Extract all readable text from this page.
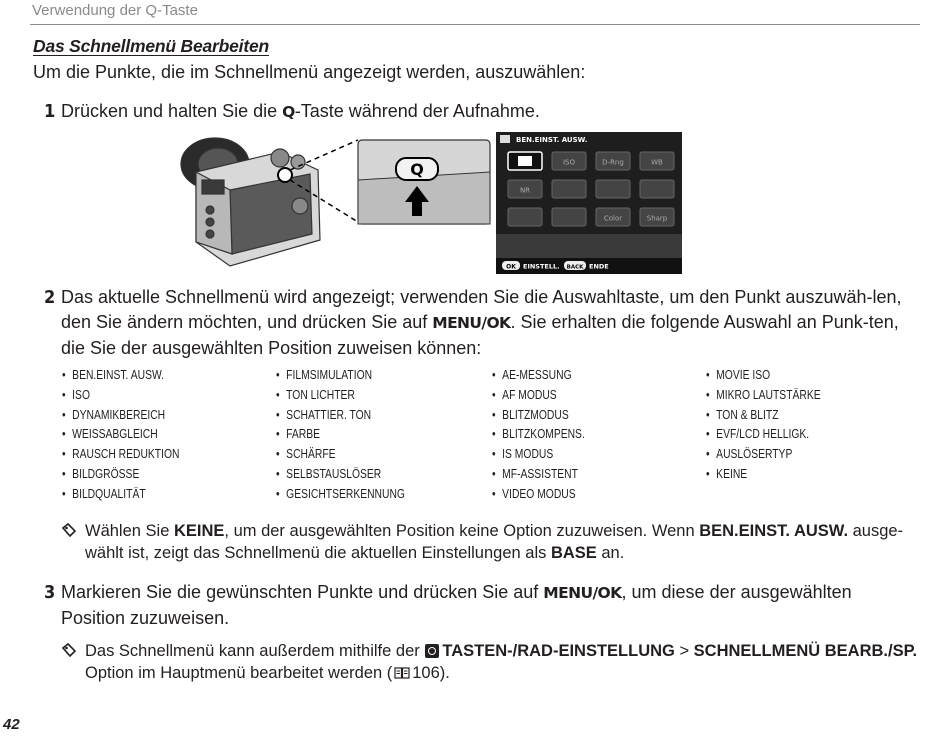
Verwendung der Q-Taste
Das Schnellmenü Bearbeiten
Um die Punkte, die im Schnellmenü angezeigt werden, auszuwählen:
1 Drücken und halten Sie die Q-Taste während der Aufnahme.
Q
BEN.EINST. AUSW.
ISO	D-Rng	WB
NR
Color	Sharp
OK EINSTELL. BACK ENDE
2 Das aktuelle Schnellmenü wird angezeigt; verwenden Sie die Auswahltaste, um den Punkt auszuwäh-len, den Sie ändern möchten, und drücken Sie auf MENU/OK. Sie erhalten die folgende Auswahl an Punk-ten, die Sie der ausgewählten Position zuweisen können:
• BEN.EINST. AUSW.
• ISO
• DYNAMIKBEREICH
• WEISSABGLEICH
• RAUSCH REDUKTION
• BILDGRÖSSE
• BILDQUALITÄT
• FILMSIMULATION
• TON LICHTER
• SCHATTIER. TON
• FARBE
• SCHÄRFE
• SELBSTAUSLÖSER
• GESICHTSERKENNUNG
• AE-MESSUNG
• AF MODUS
• BLITZMODUS
• BLITZKOMPENS.
• IS MODUS
• MF-ASSISTENT
• VIDEO MODUS
• MOVIE ISO
• MIKRO LAUTSTÄRKE
• TON & BLITZ
• EVF/LCD HELLIGK.
• AUSLÖSERTYP
• KEINE
Wählen Sie KEINE, um der ausgewählten Position keine Option zuzuweisen. Wenn BEN.EINST. AUSW. ausge-wählt ist, zeigt das Schnellmenü die aktuellen Einstellungen als BASE an.
3 Markieren Sie die gewünschten Punkte und drücken Sie auf MENU/OK, um diese der ausgewählten Position zuzuweisen.
Das Schnellmenü kann außerdem mithilfe der TASTEN-/RAD-EINSTELLUNG > SCHNELLMENÜ BEARB./SP. Option im Hauptmenü bearbeitet werden ( 106).
42
